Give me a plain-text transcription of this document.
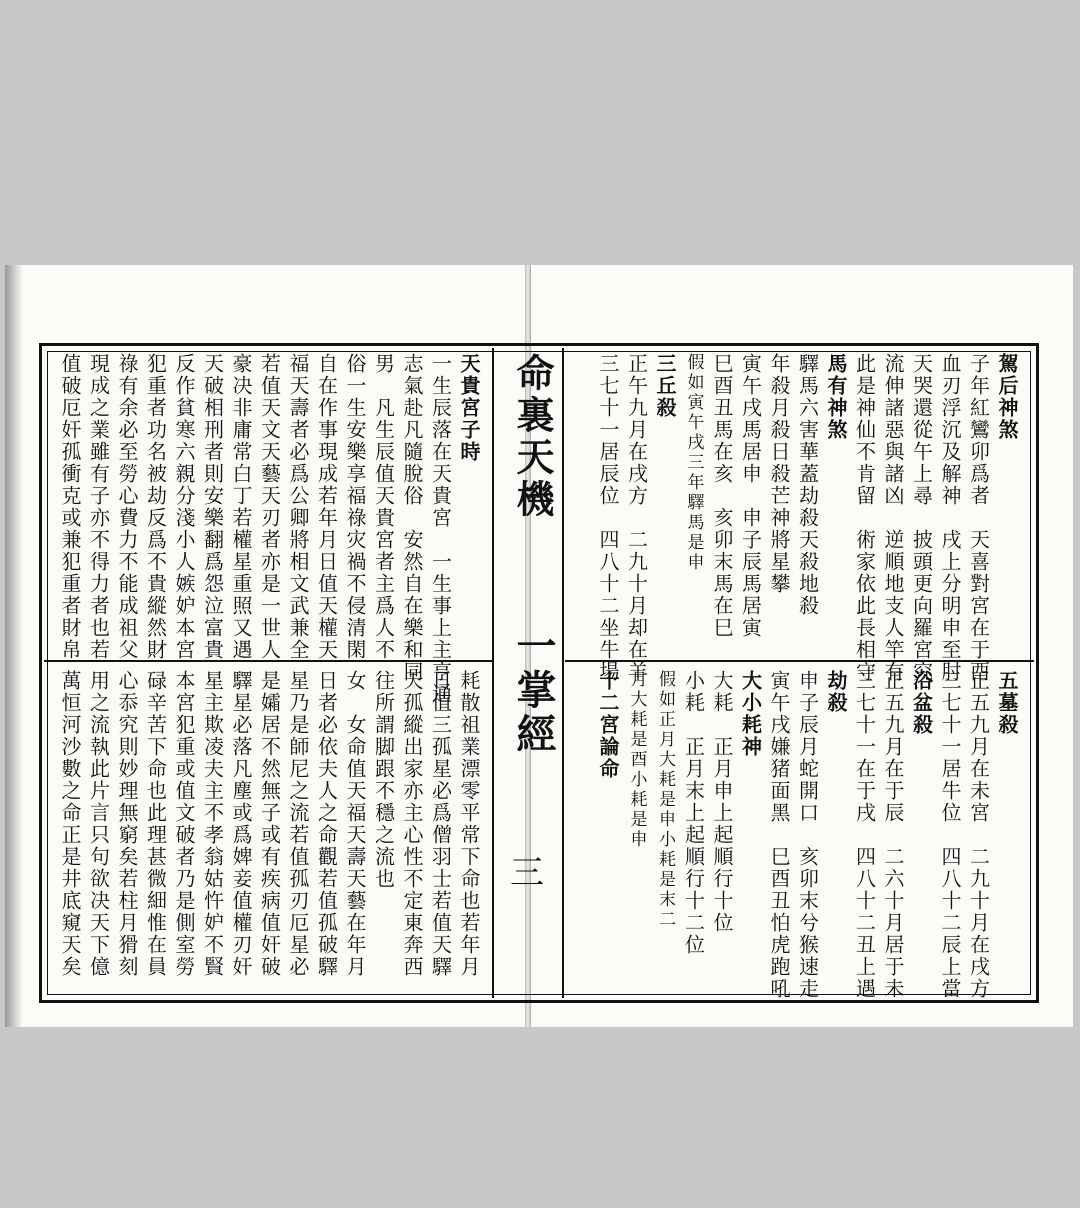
命裏天機
一掌經
三
駕后神煞
子年紅鸞卯爲者　天喜對宮在于酉
血刃浮沉及解神　戌上分明申至肘
天哭還從午上尋　披頭更向羅宮究
流伸諸惡與諸凶　逆順地支人竿有
此是神仙不肯留　術家依此長相守
馬有神煞
驛馬六害華蓋劫殺天殺地殺
年殺月殺日殺芒神將星攀
寅午戌馬居申　申子辰馬居寅
巳酉丑馬在亥　亥卯末馬在巳
假如寅午戌三年驛馬是申
三丘殺
正午九月在戌方　二九十月却在羊
三七十一居辰位　四八十二坐牛場
天貴宮子時
一生辰落在天貴宮　一生事上主亨通
志氣赴凡隨脫俗　安然自在樂和同
男　凡生辰值天貴宮者主爲人不
俗一生安樂享福祿灾禍不侵清閑
自在作事現成若年月日值天權天
福天壽者必爲公卿將相文武兼全
若值天文天藝天刃者亦是一世人
豪决非庸常白丁若權星重照又遇
天破相刑者則安樂翻爲怨泣富貴
反作貧寒六親分淺小人嫉妒本宮
犯重者功名被劫反爲不貴縱然財
祿有余必至勞心費力不能成祖父
現成之業雖有子亦不得力者也若
值破厄奸孤衝克或兼犯重者財帛
五墓殺
正五九月在未宮　二九十月在戌方
三七十一居牛位　四八十二辰上當
浴盆殺
正五九月在于辰　二六十月居于未
三七十一在于戌　四八十二丑上遇
劫殺
申子辰月蛇開口　亥卯末兮猴速走
寅午戌嫌猪面黑　巳酉丑怕虎跑吼
大小耗神
大耗　正月申上起順行十位
小耗　正月末上起順行十二位
假如正月大耗是申小耗是末二
月大耗是酉小耗是申
十二宮論命
耗散祖業漂零平常下命也若年月
日值三孤星必爲僧羽士若值天驛
天孤縱出家亦主心性不定東奔西
往所謂脚跟不穩之流也
女　女命值天福天壽天藝在年月
日者必依夫人之命觀若值孤破驛
星乃是師尼之流若值孤刃厄星必
是孀居不然無子或有疾病值奸破
驛星必落凡塵或爲婢妾值權刃奸
星主欺凌夫主不孝翁姑忤妒不賢
本宮犯重或值文破者乃是側室勞
碌辛苦下命也此理甚微細惟在員
心忝究則妙理無窮矣若柱月猾刻
用之流執此片言只句欲决天下億
萬恒河沙數之命正是井底窺天矣
